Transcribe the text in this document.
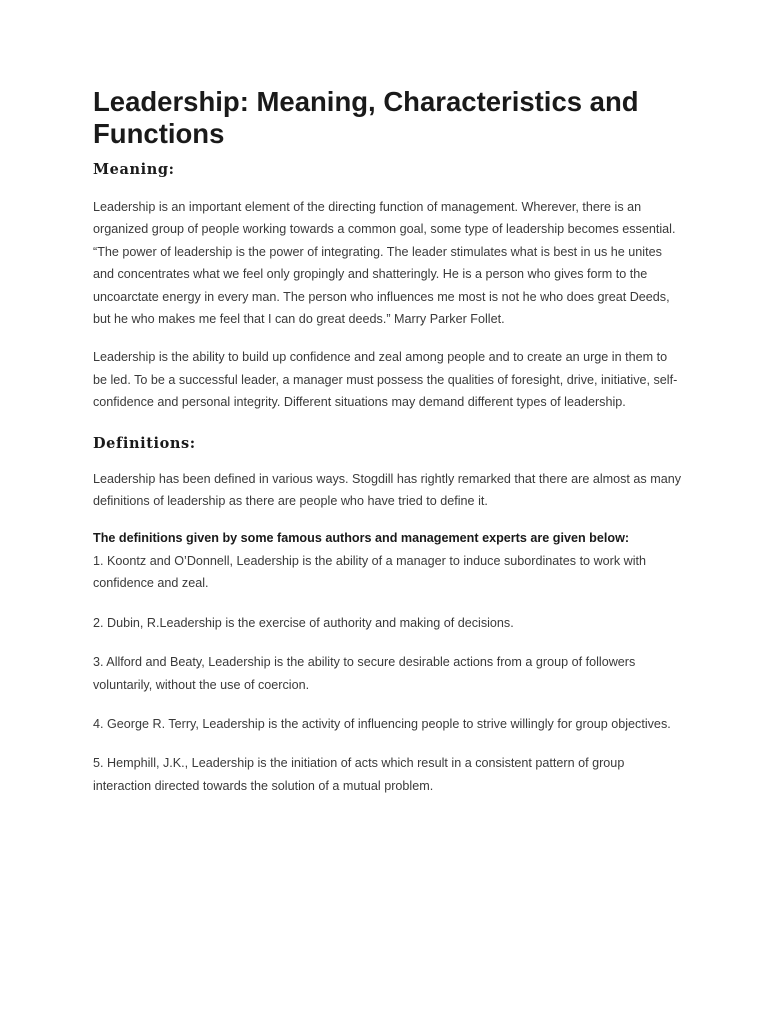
Leadership: Meaning, Characteristics and Functions
Meaning:

Leadership is an important element of the directing function of management. Wherever, there is an organized group of people working towards a common goal, some type of leadership becomes essential. “The power of leadership is the power of integrating. The leader stimulates what is best in us he unites and concentrates what we feel only gropingly and shatteringly. He is a person who gives form to the uncoarctate energy in every man. The person who influences me most is not he who does great Deeds, but he who makes me feel that I can do great deeds.” Marry Parker Follet.

Leadership is the ability to build up confidence and zeal among people and to create an urge in them to be led. To be a successful leader, a manager must possess the qualities of foresight, drive, initiative, self-confidence and personal integrity. Different situations may demand different types of leadership.

Definitions:

Leadership has been defined in various ways. Stogdill has rightly remarked that there are almost as many definitions of leadership as there are people who have tried to define it.

The definitions given by some famous authors and management experts are given below:

1. Koontz and O’Donnell, Leadership is the ability of a manager to induce subordinates to work with confidence and zeal.

2. Dubin, R.Leadership is the exercise of authority and making of decisions.

3. Allford and Beaty, Leadership is the ability to secure desirable actions from a group of followers voluntarily, without the use of coercion.

4. George R. Terry, Leadership is the activity of influencing people to strive willingly for group objectives.

5. Hemphill, J.K., Leadership is the initiation of acts which result in a consistent pattern of group interaction directed towards the solution of a mutual problem.
